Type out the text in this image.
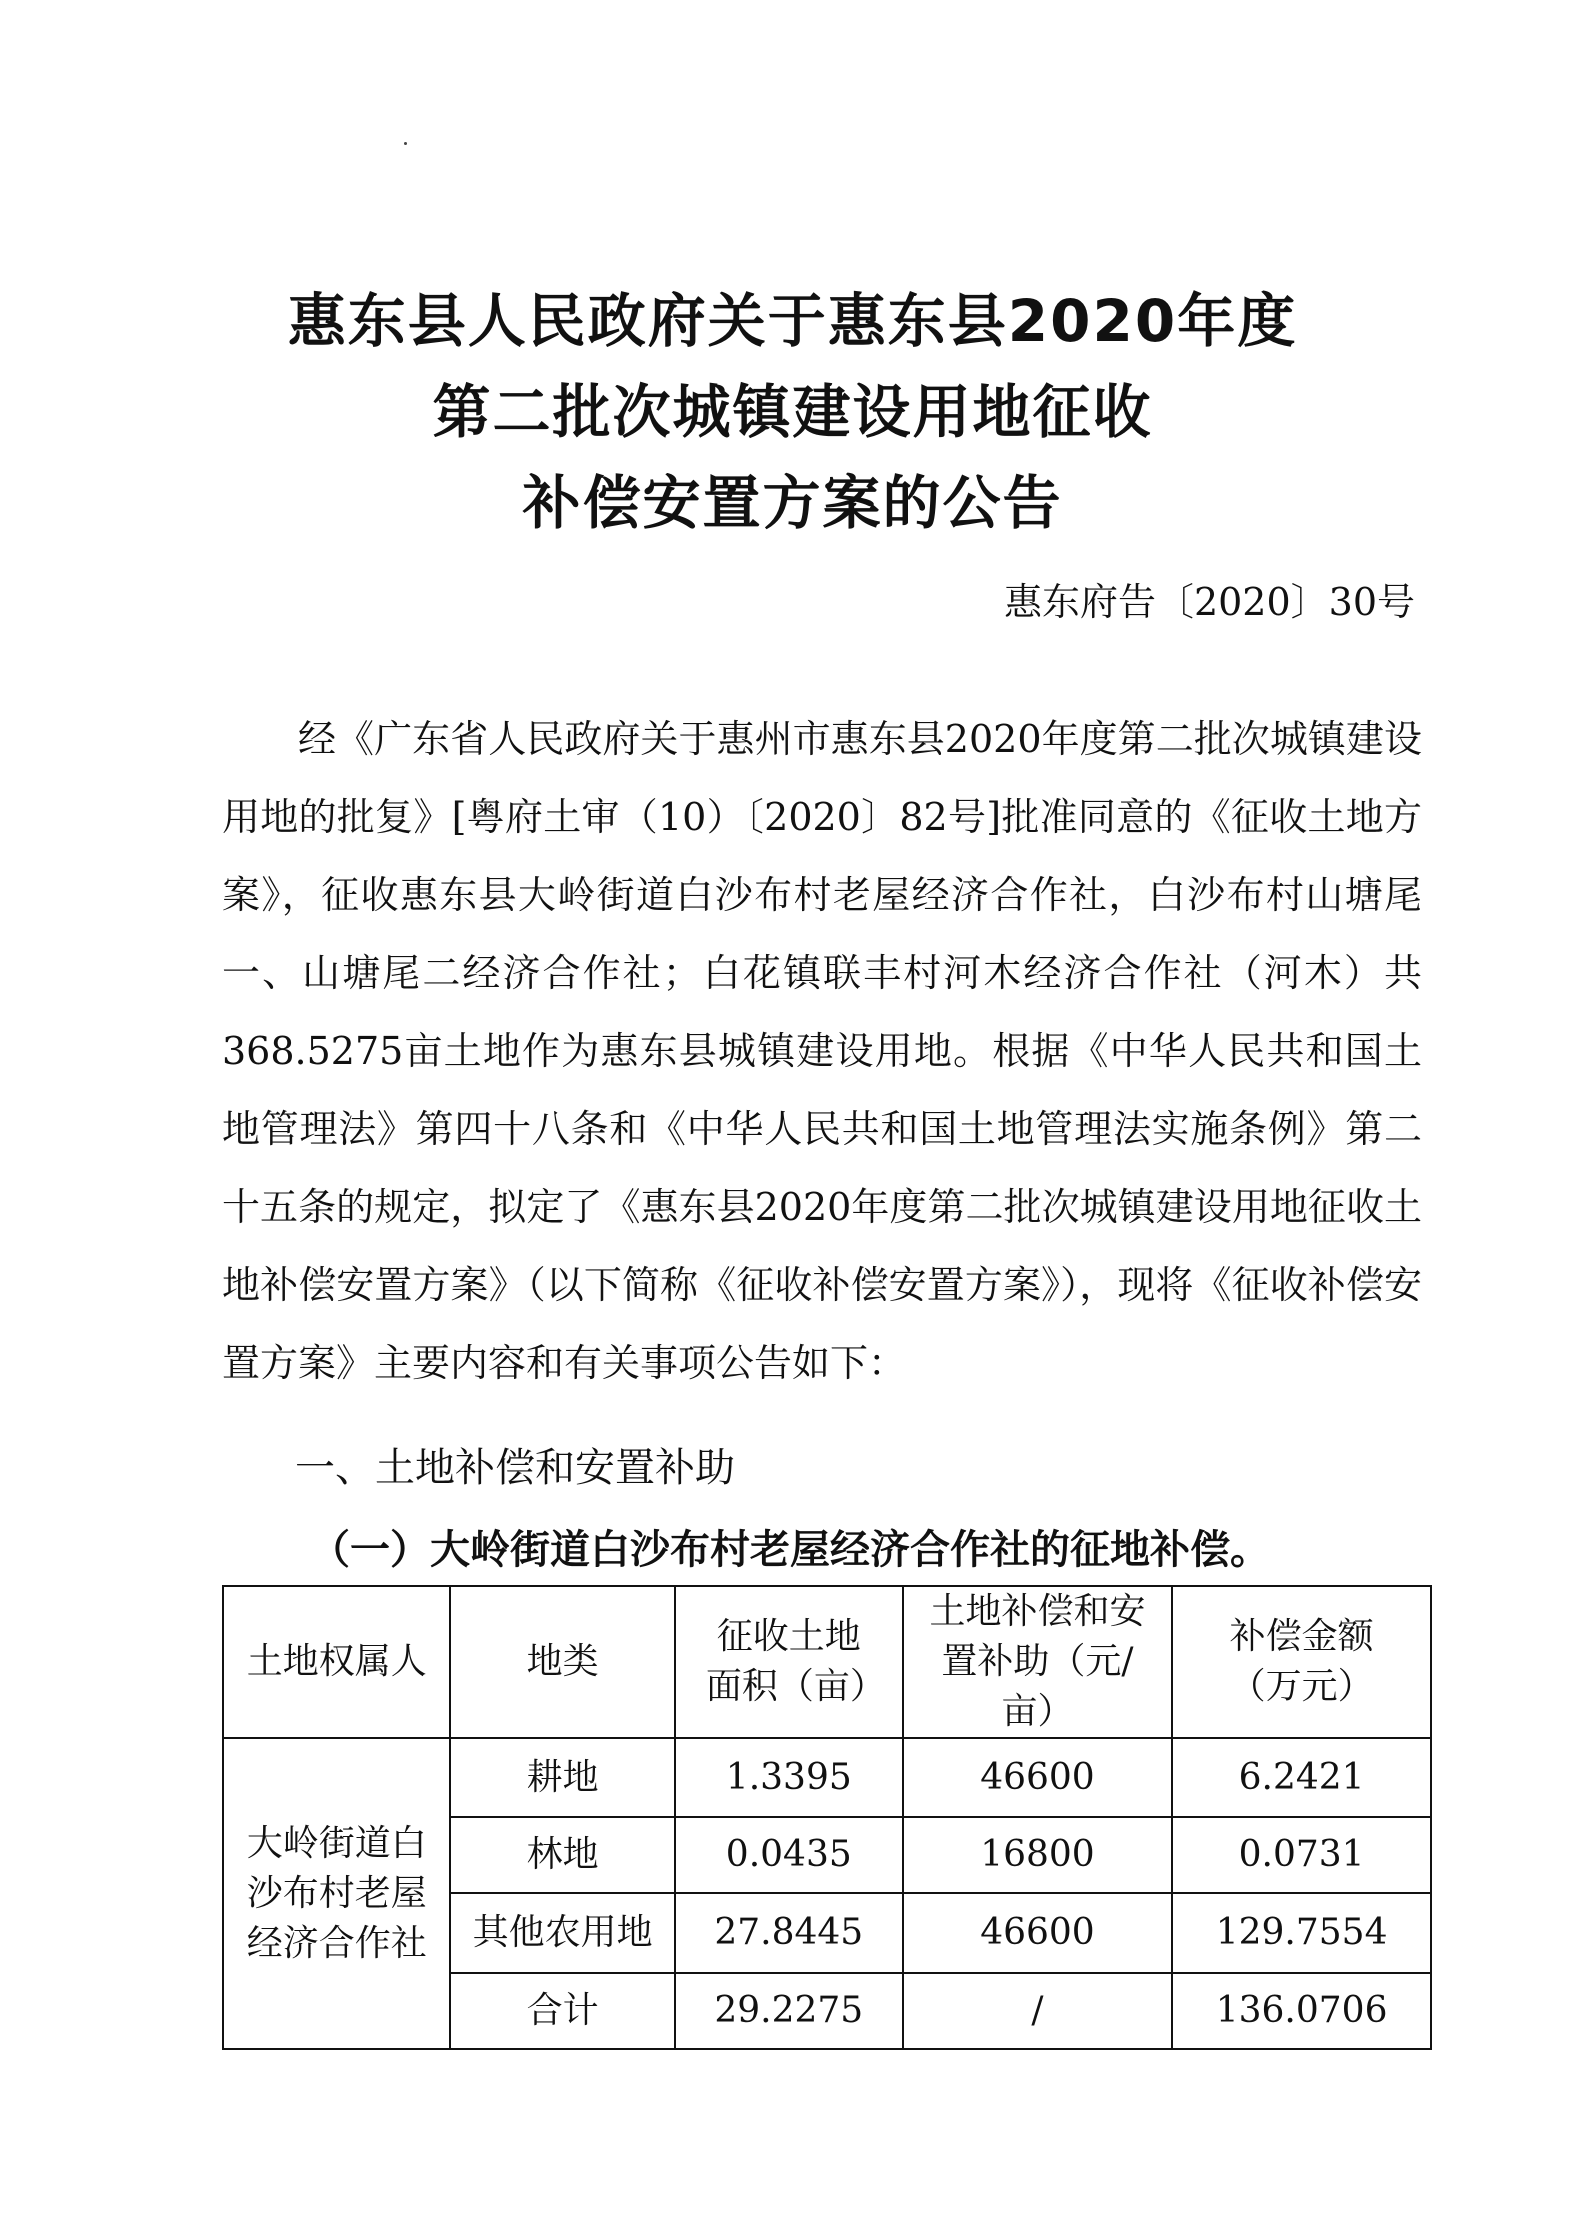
惠东县人民政府关于惠东县2020年度
第二批次城镇建设用地征收
补偿安置方案的公告
惠东府告〔2020〕30号

经《广东省人民政府关于惠州市惠东县2020年度第二批次城镇建设用地的批复》[粤府土审（10）〔2020〕82号]批准同意的《征收土地方案》，征收惠东县大岭街道白沙布村老屋经济合作社，白沙布村山塘尾一、山塘尾二经济合作社；白花镇联丰村河木经济合作社（河木）共368.5275亩土地作为惠东县城镇建设用地。根据《中华人民共和国土地管理法》第四十八条和《中华人民共和国土地管理法实施条例》第二十五条的规定，拟定了《惠东县2020年度第二批次城镇建设用地征收土地补偿安置方案》（以下简称《征收补偿安置方案》），现将《征收补偿安置方案》主要内容和有关事项公告如下：

一、土地补偿和安置补助
（一）大岭街道白沙布村老屋经济合作社的征地补偿。
土地权属人	地类	征收土地面积（亩）	土地补偿和安置补助（元/亩）	补偿金额（万元）
大岭街道白沙布村老屋经济合作社	耕地	1.3395	46600	6.2421
	林地	0.0435	16800	0.0731
	其他农用地	27.8445	46600	129.7554
	合计	29.2275	/	136.0706
